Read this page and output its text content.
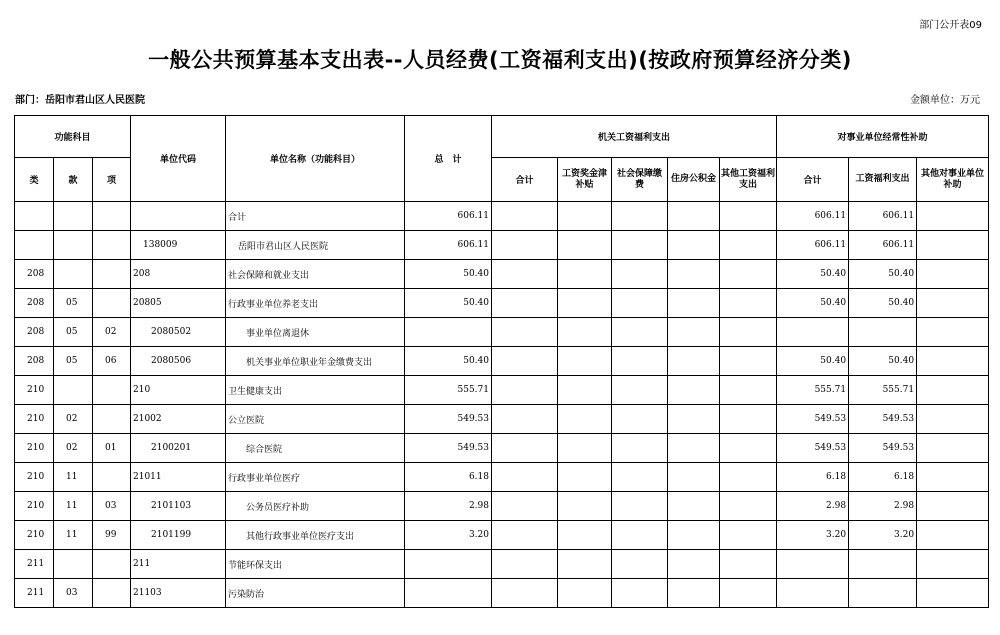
部门公开表09
一般公共预算基本支出表--人员经费(工资福利支出)(按政府预算经济分类)
部门：岳阳市君山区人民医院	金额单位：万元
功能科目			单位代码	单位名称（功能科目）	总　计	机关工资福利支出					对事业单位经常性补助		
类	款	项				合计	工资奖金津补贴	社会保障缴费	住房公积金	其他工资福利支出	合计	工资福利支出	其他对事业单位补助
				合计	606.11						606.11	606.11	
			138009	岳阳市君山区人民医院	606.11						606.11	606.11	
208			208	社会保障和就业支出	50.40						50.40	50.40	
208	05		20805	行政事业单位养老支出	50.40						50.40	50.40	
208	05	02	2080502	事业单位离退休									
208	05	06	2080506	机关事业单位职业年金缴费支出	50.40						50.40	50.40	
210			210	卫生健康支出	555.71						555.71	555.71	
210	02		21002	公立医院	549.53						549.53	549.53	
210	02	01	2100201	综合医院	549.53						549.53	549.53	
210	11		21011	行政事业单位医疗	6.18						6.18	6.18	
210	11	03	2101103	公务员医疗补助	2.98						2.98	2.98	
210	11	99	2101199	其他行政事业单位医疗支出	3.20						3.20	3.20	
211			211	节能环保支出									
211	03		21103	污染防治									
